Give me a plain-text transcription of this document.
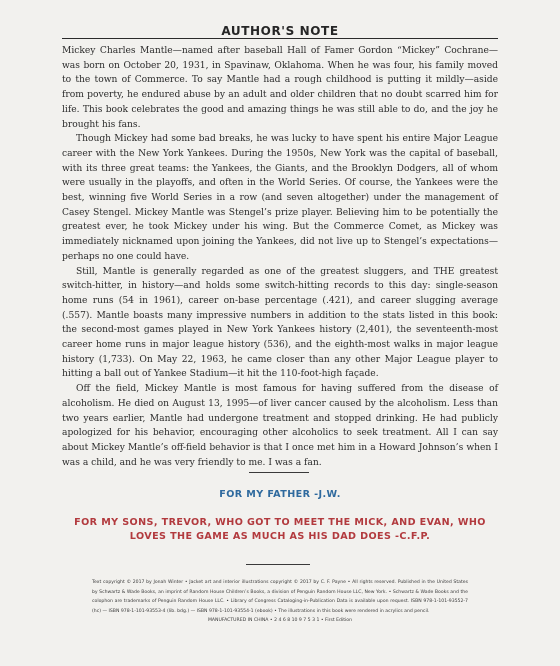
AUTHOR'S NOTE

Mickey Charles Mantle—named after baseball Hall of Famer Gordon “Mickey” Cochrane—was born on October 20, 1931, in Spavinaw, Oklahoma. When he was four, his family moved to the town of Commerce. To say Mantle had a rough childhood is putting it mildly—aside from poverty, he endured abuse by an adult and older children that no doubt scarred him for life. This book celebrates the good and amazing things he was still able to do, and the joy he brought his fans.

Though Mickey had some bad breaks, he was lucky to have spent his entire Major League career with the New York Yankees. During the 1950s, New York was the capital of baseball, with its three great teams: the Yankees, the Giants, and the Brooklyn Dodgers, all of whom were usually in the playoffs, and often in the World Series. Of course, the Yankees were the best, winning five World Series in a row (and seven altogether) under the management of Casey Stengel. Mickey Mantle was Stengel’s prize player. Believing him to be potentially the greatest ever, he took Mickey under his wing. But the Commerce Comet, as Mickey was immediately nicknamed upon joining the Yankees, did not live up to Stengel’s expectations—perhaps no one could have.

Still, Mantle is generally regarded as one of the greatest sluggers, and THE greatest switch-hitter, in history—and holds some switch-hitting records to this day: single-season home runs (54 in 1961), career on-base percentage (.421), and career slugging average (.557). Mantle boasts many impressive numbers in addition to the stats listed in this book: the second-most games played in New York Yankees history (2,401), the seventeenth-most career home runs in major league history (536), and the eighth-most walks in major league history (1,733). On May 22, 1963, he came closer than any other Major League player to hitting a ball out of Yankee Stadium—it hit the 110-foot-high façade.

Off the field, Mickey Mantle is most famous for having suffered from the disease of alcoholism. He died on August 13, 1995—of liver cancer caused by the alcoholism. Less than two years earlier, Mantle had undergone treatment and stopped drinking. He had publicly apologized for his behavior, encouraging other alcoholics to seek treatment. All I can say about Mickey Mantle’s off-field behavior is that I once met him in a Howard Johnson’s when I was a child, and he was very friendly to me. I was a fan.

FOR MY FATHER -J.W.
FOR MY SONS, TREVOR, WHO GOT TO MEET THE MICK, AND EVAN, WHO LOVES THE GAME AS MUCH AS HIS DAD DOES -C.F.P.

Text copyright © 2017 by Jonah Winter • Jacket art and interior illustrations copyright © 2017 by C. F. Payne • All rights reserved. Published in the United States by Schwartz & Wade Books, an imprint of Random House Children’s Books, a division of Penguin Random House LLC, New York. • Schwartz & Wade Books and the colophon are trademarks of Penguin Random House LLC. • Library of Congress Cataloging-in-Publication Data is available upon request. ISBN 978-1-101-93552-7 (hc) — ISBN 978-1-101-93553-4 (lib. bdg.) — ISBN 978-1-101-93554-1 (ebook) • The illustrations in this book were rendered in acrylics and pencil.

MANUFACTURED IN CHINA • 2 4 6 8 10 9 7 5 3 1 • First Edition
